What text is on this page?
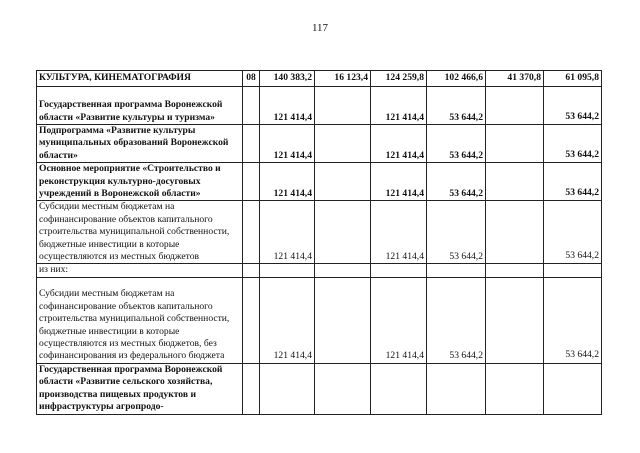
117
КУЛЬТУРА, КИНЕМАТОГРАФИЯ	08	140 383,2	16 123,4	124 259,8	102 466,6	41 370,8	61 095,8
Государственная программа Воронежской области «Развитие культуры и туризма»		121 414,4		121 414,4	53 644,2		53 644,2
Подпрограмма «Развитие культуры муниципальных образований Воронежской области»		121 414,4		121 414,4	53 644,2		53 644,2
Основное мероприятие «Строительство и реконструкция культурно-досуговых учреждений в Воронежской области»		121 414,4		121 414,4	53 644,2		53 644,2
Субсидии местным бюджетам на софинансирование объектов капитального строительства муниципальной собственности, бюджетные инвестиции в которые осуществляются из местных бюджетов		121 414,4		121 414,4	53 644,2		53 644,2
из них:							
Субсидии местным бюджетам на софинансирование объектов капитального строительства муниципальной собственности, бюджетные инвестиции в которые осуществляются из местных бюджетов, без софинансирования из федерального бюджета		121 414,4		121 414,4	53 644,2		53 644,2
Государственная программа Воронежской области «Развитие сельского хозяйства, производства пищевых продуктов и инфраструктуры агропродо-							
